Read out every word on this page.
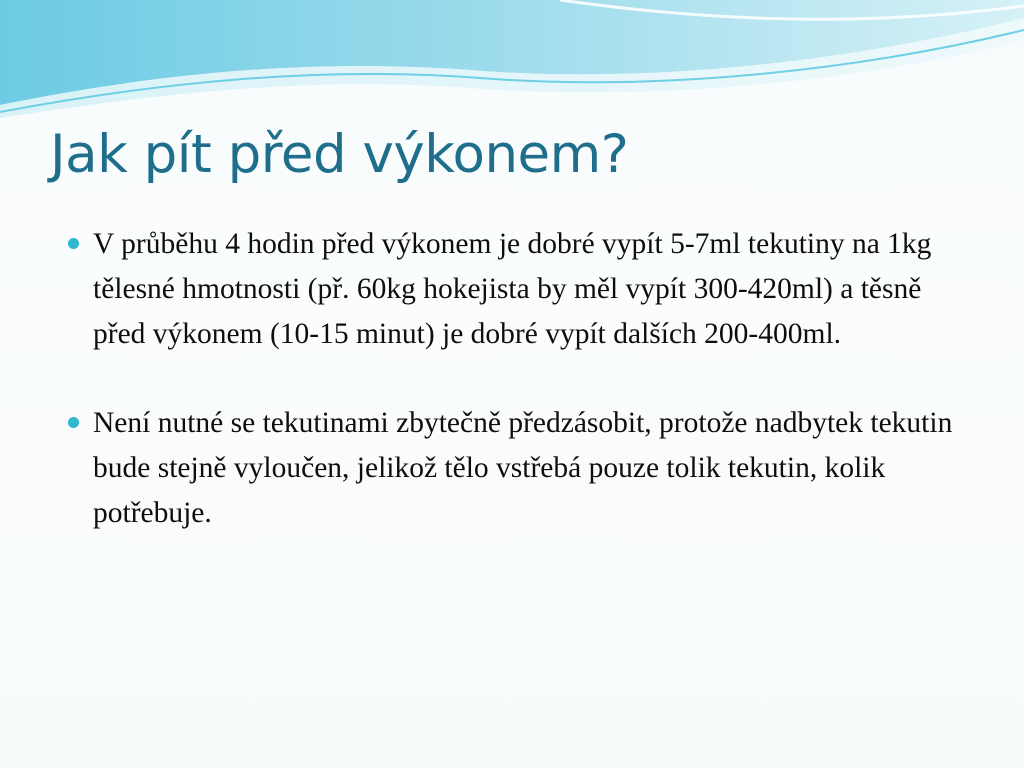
Jak pít před výkonem?
V průběhu 4 hodin před výkonem je dobré vypít 5-7ml tekutiny na 1kg tělesné hmotnosti (př. 60kg hokejista by měl vypít 300-420ml) a těsně před výkonem (10-15 minut) je dobré vypít dalších 200-400ml.
Není nutné se tekutinami zbytečně předzásobit, protože nadbytek tekutin bude stejně vyloučen, jelikož tělo vstřebá pouze tolik tekutin, kolik potřebuje.
